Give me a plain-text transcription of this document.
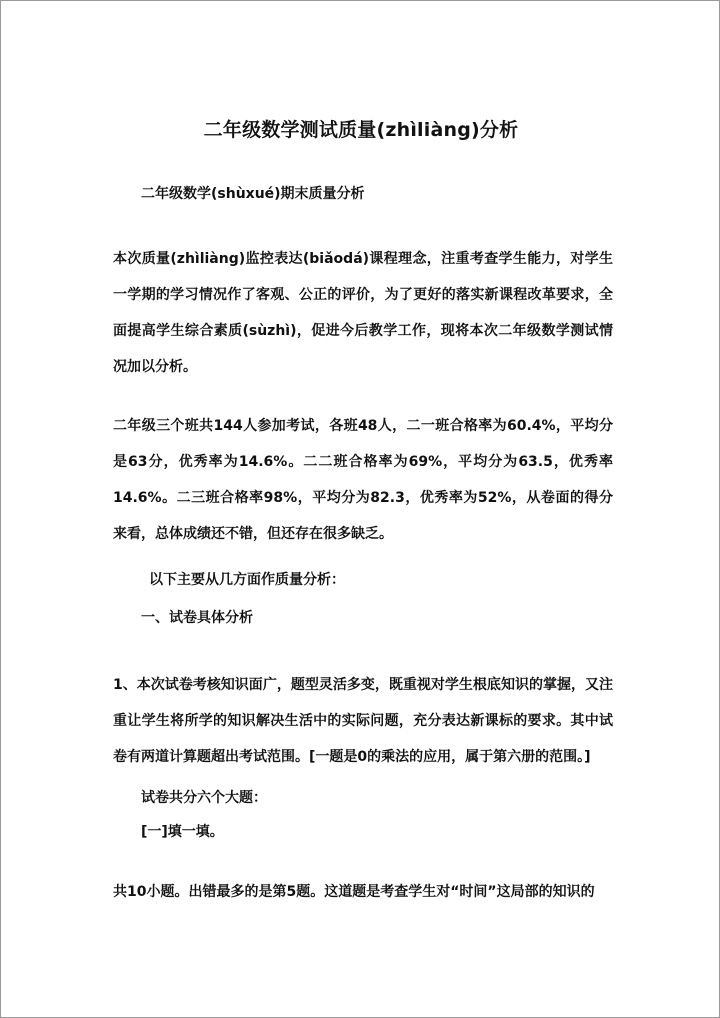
二年级数学测试质量(zhìliàng)分析
二年级数学(shùxué)期末质量分析
本次质量(zhìliàng)监控表达(biǎodá)课程理念，注重考查学生能力，对学生一学期的学习情况作了客观、公正的评价，为了更好的落实新课程改革要求，全面提高学生综合素质(sùzhì)，促进今后教学工作，现将本次二年级数学测试情况加以分析。
二年级三个班共144人参加考试，各班48人，二一班合格率为60.4%，平均分是63分，优秀率为14.6%。二二班合格率为69%，平均分为63.5，优秀率14.6%。二三班合格率98%，平均分为82.3，优秀率为52%，从卷面的得分来看，总体成绩还不错，但还存在很多缺乏。
以下主要从几方面作质量分析：
一、试卷具体分析
1、本次试卷考核知识面广，题型灵活多变，既重视对学生根底知识的掌握，又注重让学生将所学的知识解决生活中的实际问题，充分表达新课标的要求。其中试卷有两道计算题超出考试范围。[一题是0的乘法的应用，属于第六册的范围。]
试卷共分六个大题：
[一]填一填。
共10小题。出错最多的是第5题。这道题是考查学生对“时间”这局部的知识的
